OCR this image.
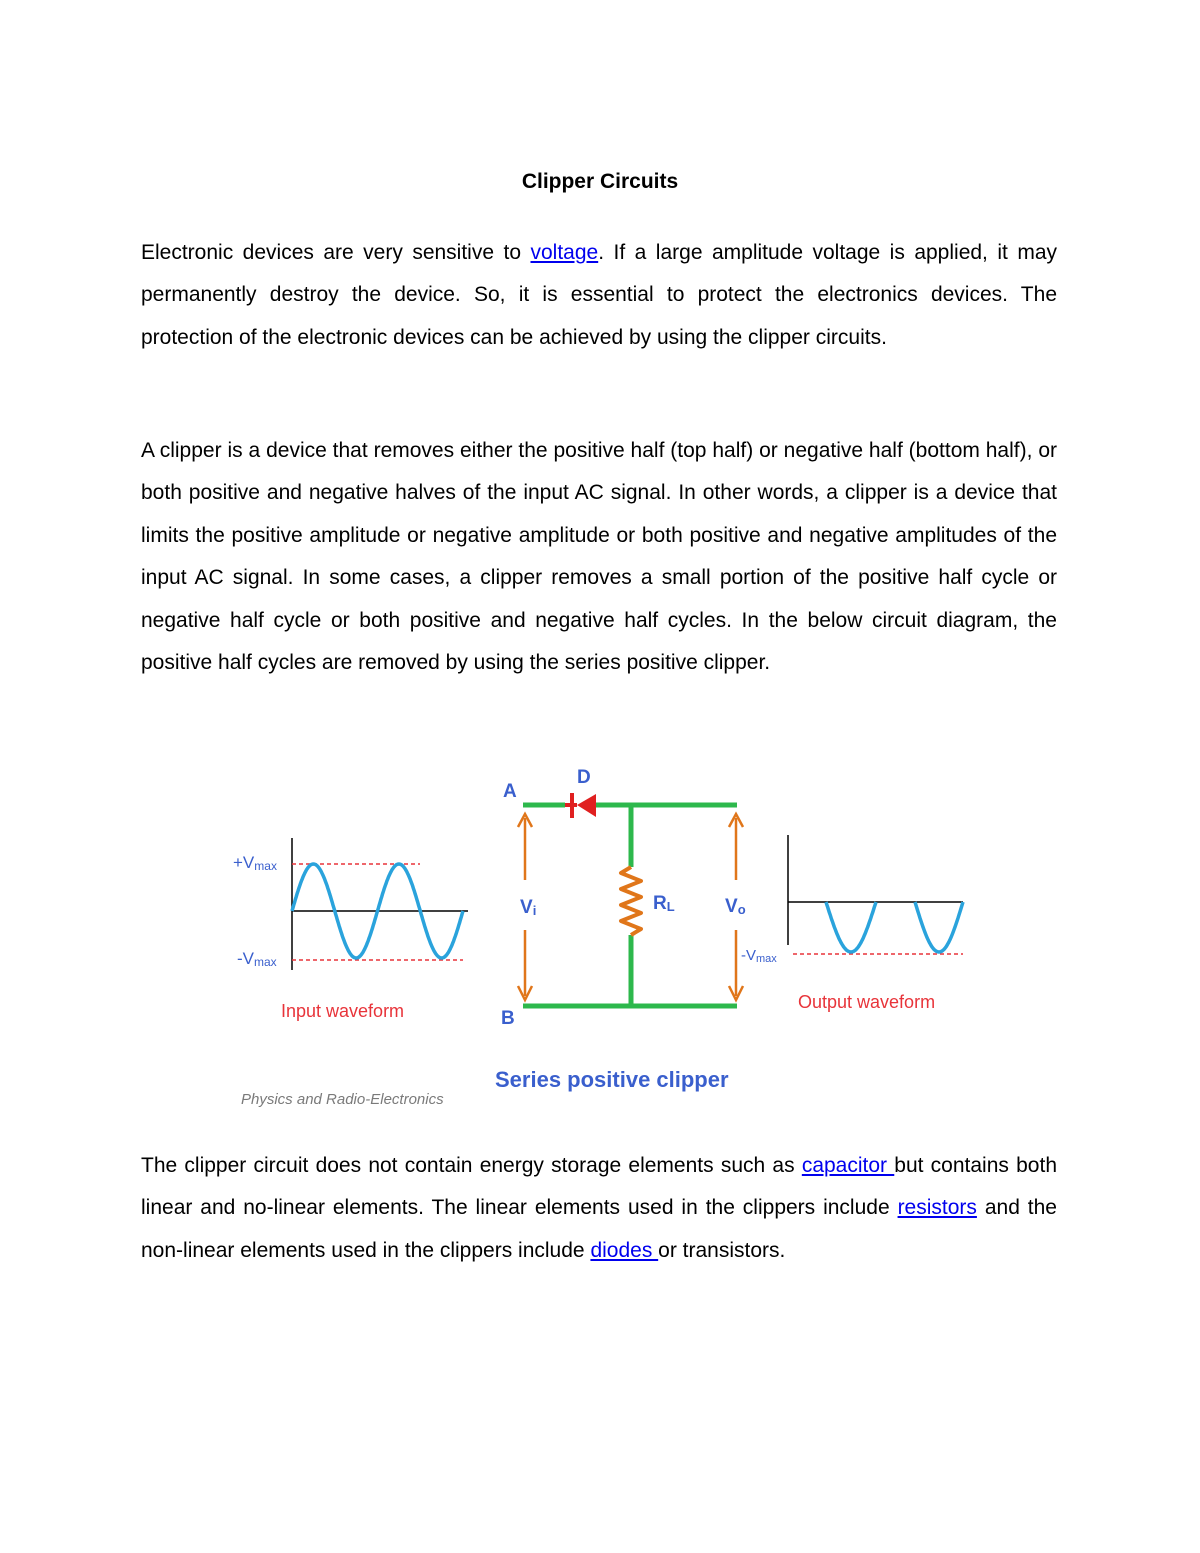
Clipper Circuits

Electronic devices are very sensitive to voltage. If a large amplitude voltage is applied, it may permanently destroy the device. So, it is essential to protect the electronics devices. The protection of the electronic devices can be achieved by using the clipper circuits.

A clipper is a device that removes either the positive half (top half) or negative half (bottom half), or both positive and negative halves of the input AC signal. In other words, a clipper is a device that limits the positive amplitude or negative amplitude or both positive and negative amplitudes of the input AC signal. In some cases, a clipper removes a small portion of the positive half cycle or negative half cycle or both positive and negative half cycles. In the below circuit diagram, the positive half cycles are removed by using the series positive clipper.

+Vmax
-Vmax
Input waveform
A
B
D
Vi	RL	Vo
Series positive clipper
-Vmax
Output waveform
Physics and Radio-Electronics

The clipper circuit does not contain energy storage elements such as capacitor but contains both linear and no-linear elements. The linear elements used in the clippers include resistors and the non-linear elements used in the clippers include diodes or transistors.
